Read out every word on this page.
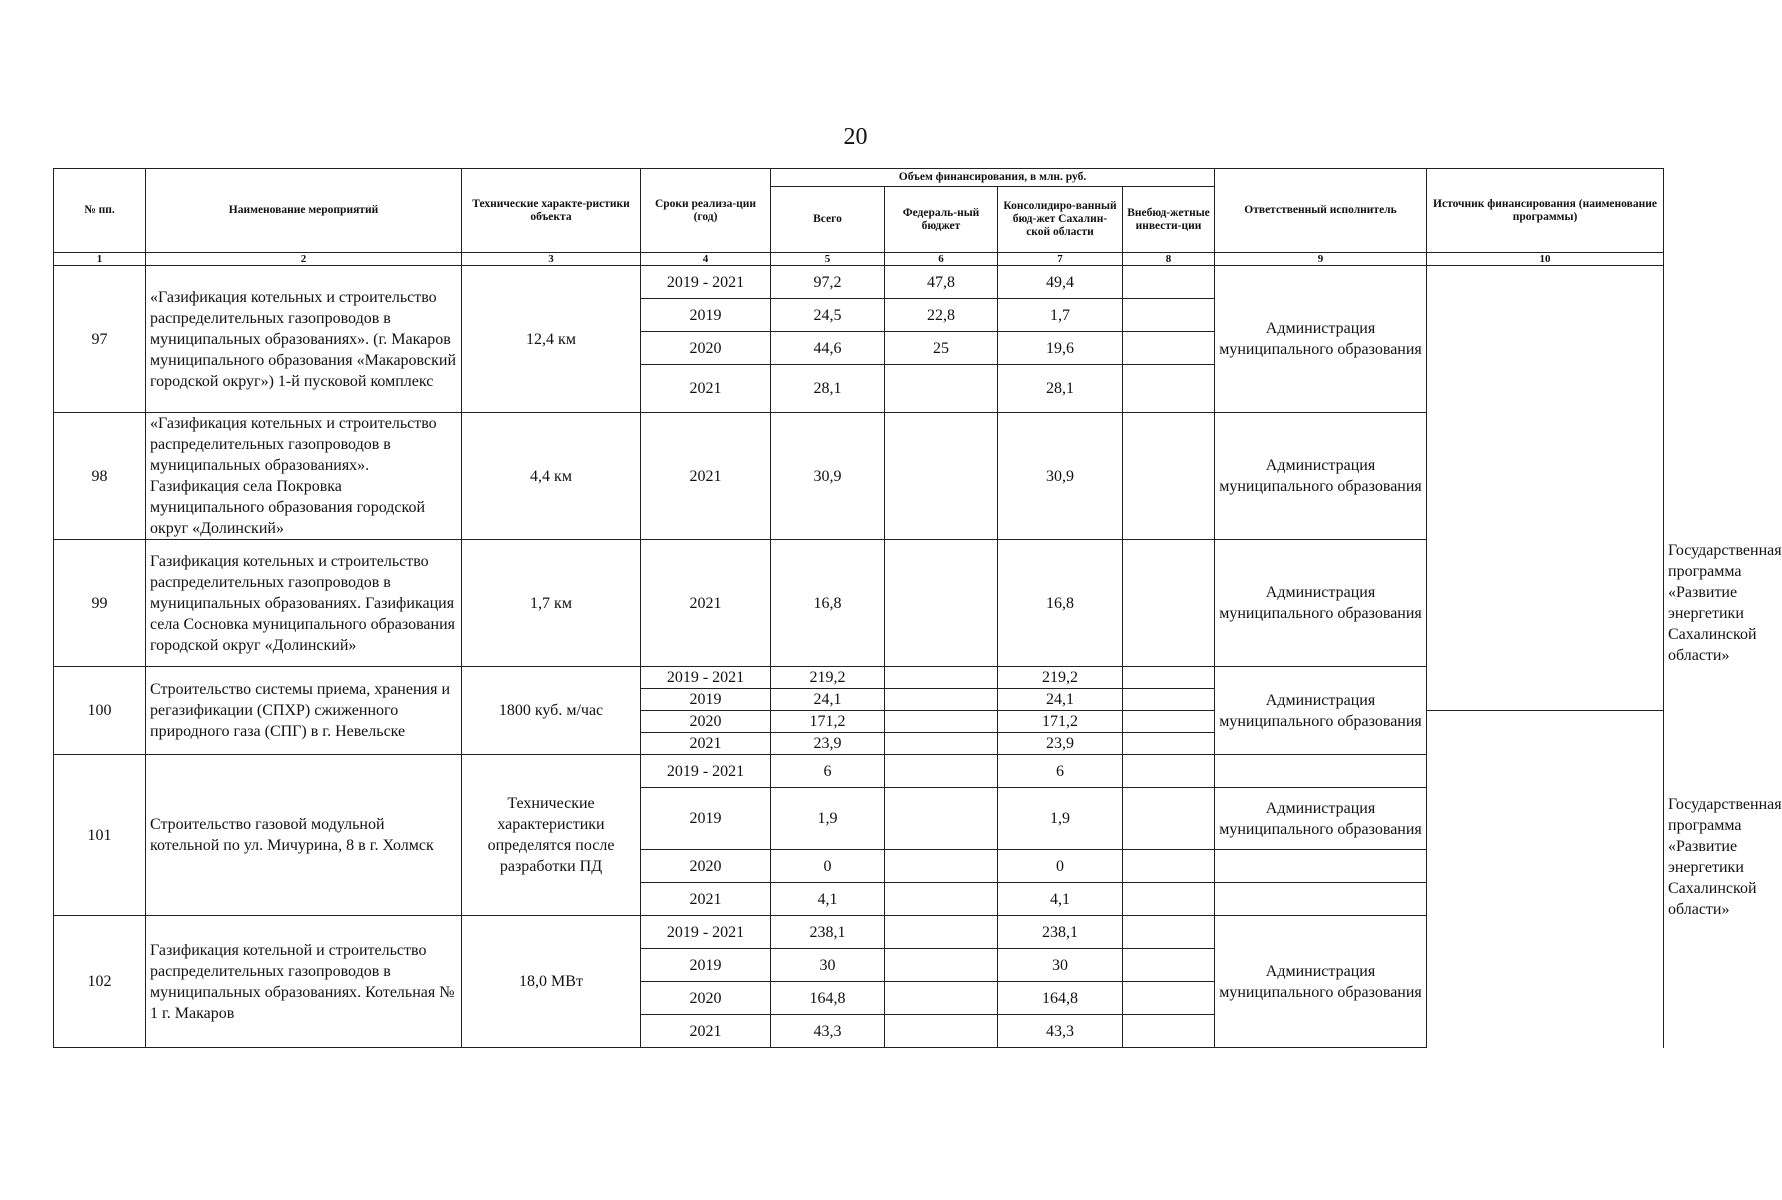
20
№ пп.	Наименование мероприятий	Технические характе-ристики объекта	Сроки реализа-ции (год)	Объем финансирования, в млн. руб.				Ответственный исполнитель	Источник финансирования (наименование программы)	
				Всего	Федераль-ный бюджет	Консолидиро-ванный бюд-жет Сахалин-ской области	Внебюд-жетные инвести-ции			
1	2	3	4	5	6	7	8	9	10	
97	«Газификация котельных и строительство распределительных газопроводов в муниципальных образованиях». (г. Макаров муниципального образования «Макаровский городской округ») 1-й пусковой комплекс	12,4 км	2019 - 2021	97,2	47,8	49,4		Администрация муниципального образования		
			2019	24,5	22,8	1,7				
			2020	44,6	25	19,6				
			2021	28,1		28,1				
98	«Газификация котельных и строительство распределительных газопроводов в муниципальных образованиях». Газификация села Покровка муниципального образования городской округ «Долинский»	4,4 км	2021	30,9		30,9		Администрация муниципального образования		
99	Газификация котельных и строительство распределительных газопроводов в муниципальных образованиях. Газификация села Сосновка муниципального образования городской округ «Долинский»	1,7 км	2021	16,8		16,8		Администрация муниципального образования		Государственная программа «Развитие энергетики Сахалинской области»
100	Строительство системы приема, хранения и регазификации (СПХР) сжиженного природного газа (СПГ) в г. Невельске	1800 куб. м/час	2019 - 2021	219,2		219,2		Администрация муниципального образования		Государственная программа «Развитие энергетики Сахалинской области»
			2019	24,1		24,1				
			2020	171,2		171,2				
			2021	23,9		23,9				
101	Строительство газовой модульной котельной по ул. Мичурина, 8 в г. Холмск	Технические характеристики определятся после разработки ПД	2019 - 2021	6		6				
			2019	1,9		1,9		Администрация муниципального образования		
			2020	0		0				
			2021	4,1		4,1				
102	Газификация котельной и строительство распределительных газопроводов в муниципальных образованиях. Котельная № 1 г. Макаров	18,0 МВт	2019 - 2021	238,1		238,1		Администрация муниципального образования		
			2019	30		30				
			2020	164,8		164,8				
			2021	43,3		43,3				
